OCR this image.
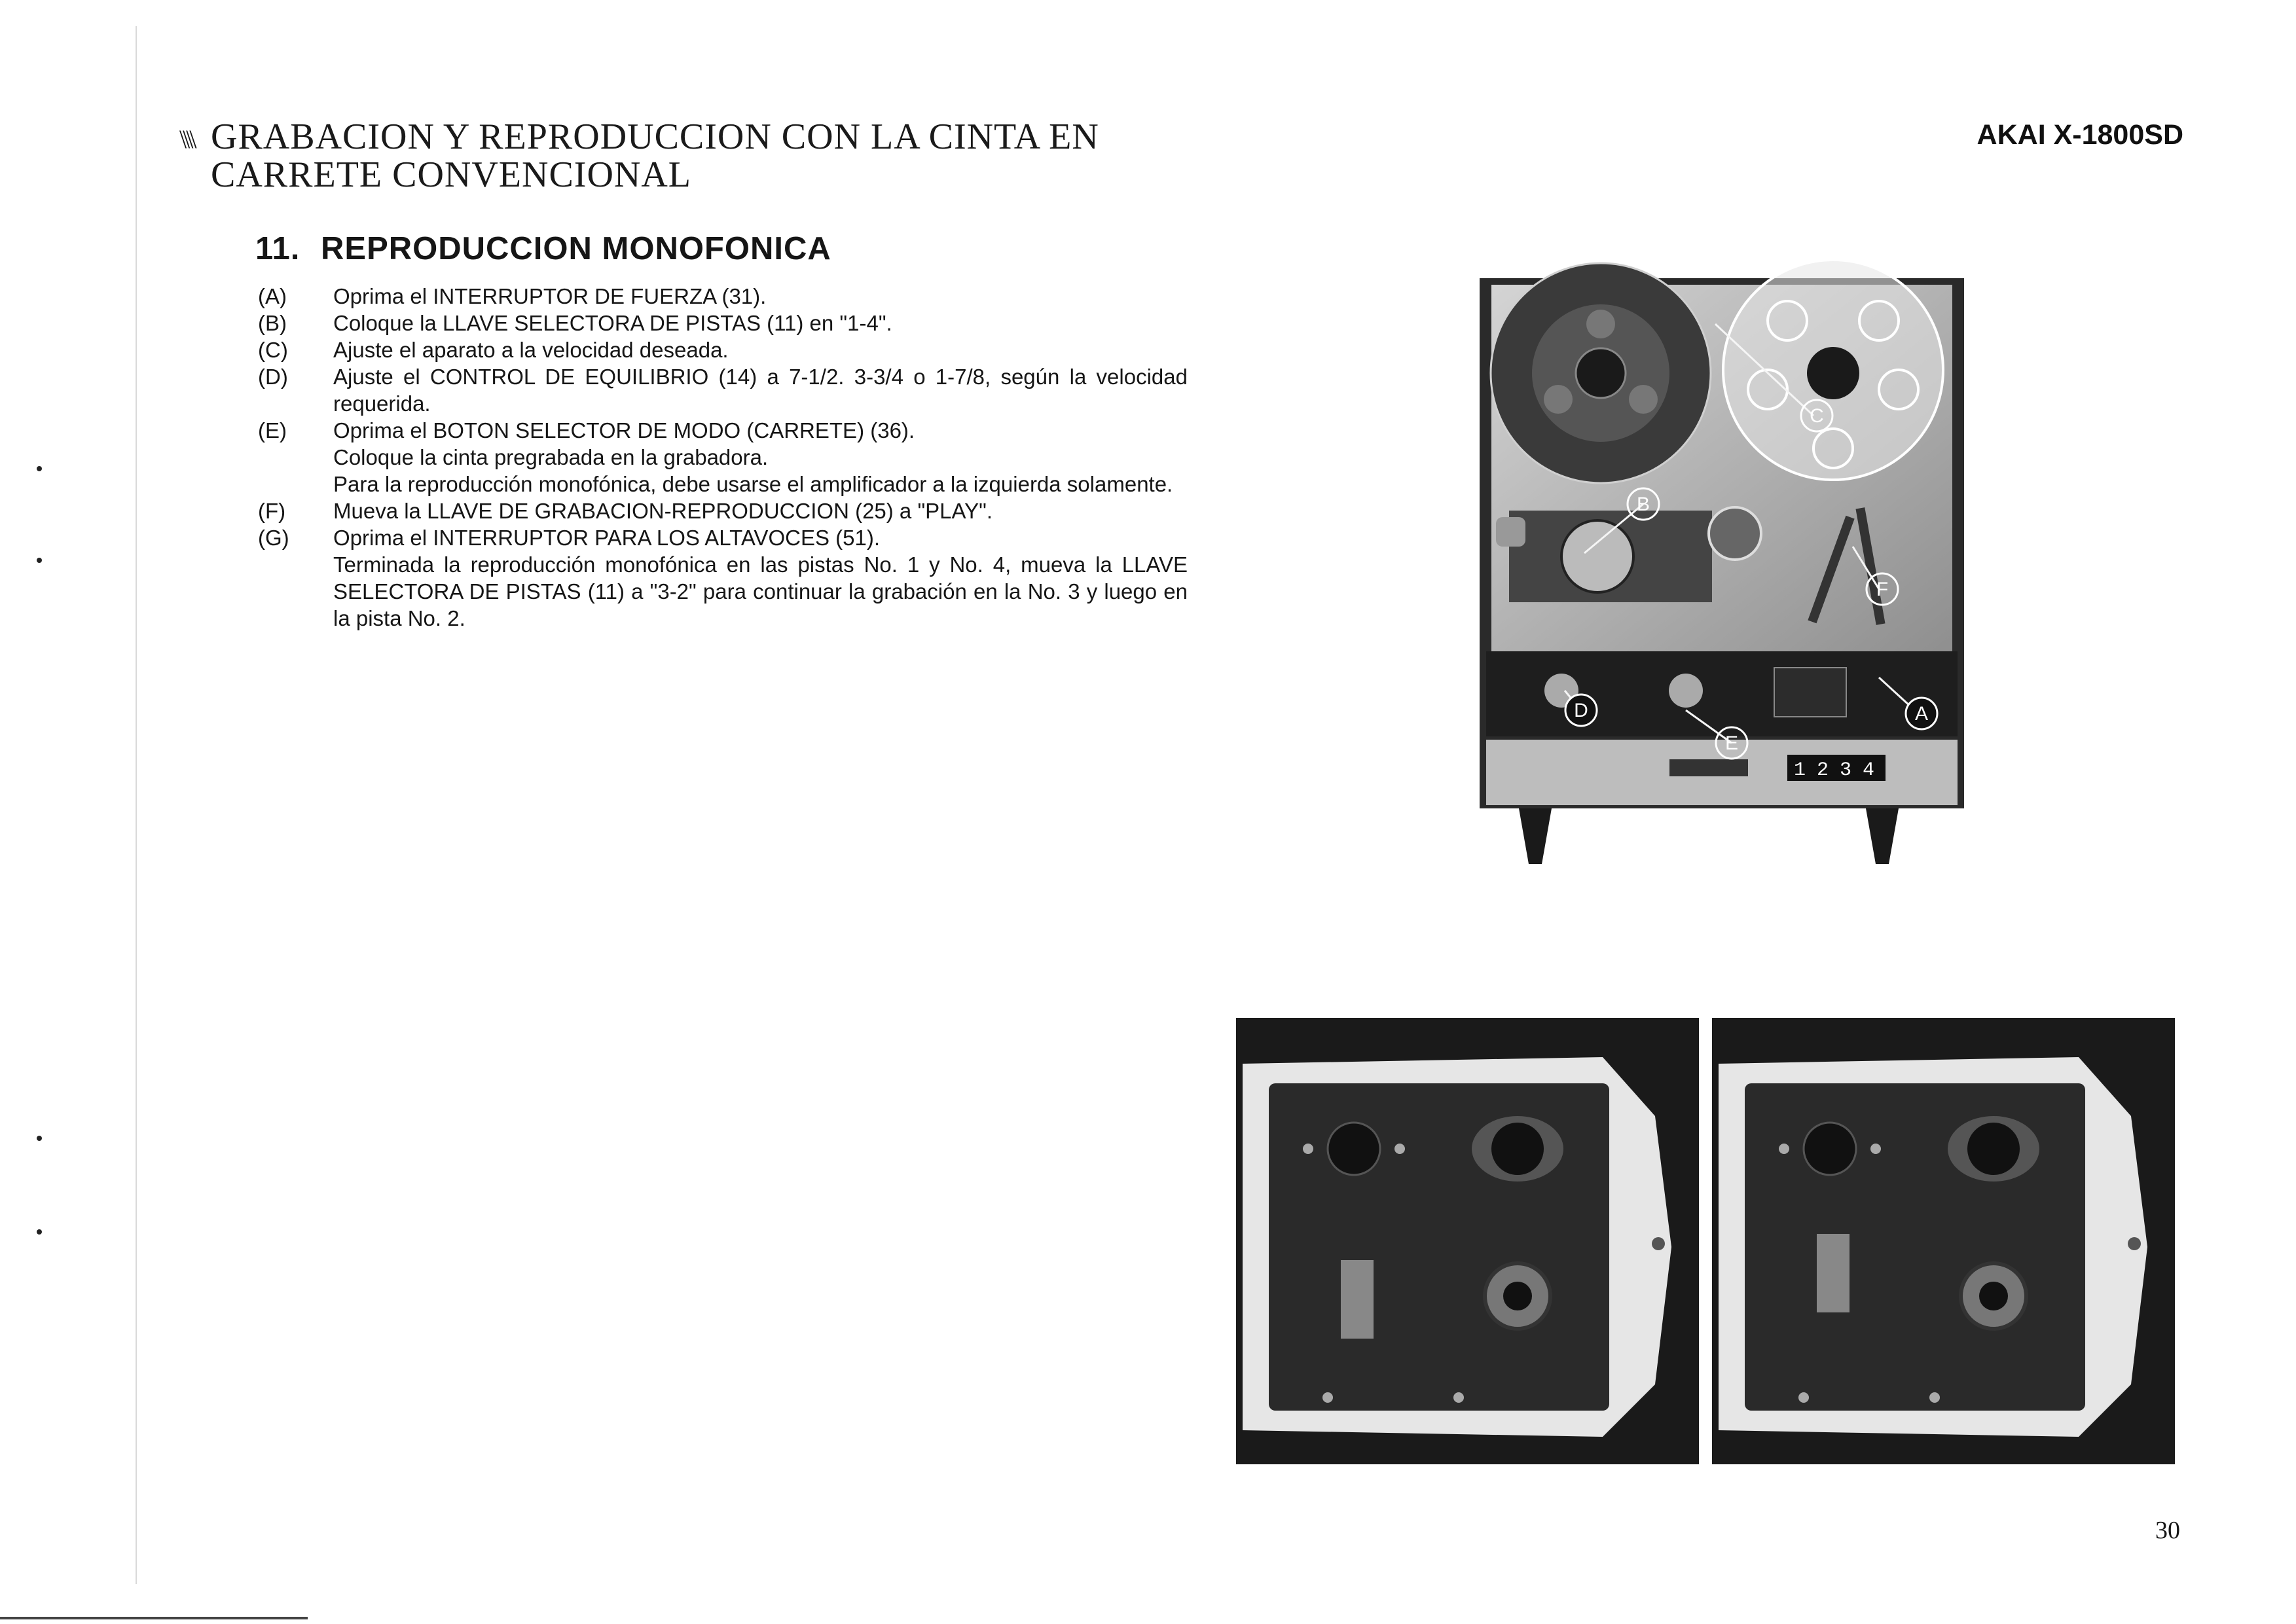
\\\\ GRABACION Y REPRODUCCION CON LA CINTA EN
CARRETE CONVENCIONAL
AKAI X-1800SD
11. REPRODUCCION MONOFONICA
(A)	Oprima el INTERRUPTOR DE FUERZA (31).
(B)	Coloque la LLAVE SELECTORA DE PISTAS (11) en "1-4".
(C)	Ajuste el aparato a la velocidad deseada.
(D)	Ajuste el CONTROL DE EQUILIBRIO (14) a 7-1/2. 3-3/4 o 1-7/8, según la velocidad requerida.
(E)	Oprima el BOTON SELECTOR DE MODO (CARRETE) (36).
Coloque la cinta pregrabada en la grabadora.
Para la reproducción monofónica, debe usarse el amplificador a la izquierda solamente.
(F)	Mueva la LLAVE DE GRABACION-REPRODUCCION (25) a "PLAY".
(G)	Oprima el INTERRUPTOR PARA LOS ALTAVOCES (51).
Terminada la reproducción monofónica en las pistas No. 1 y No. 4, mueva la LLAVE SELECTORA DE PISTAS (11) a "3-2" para continuar la grabación en la No. 3 y luego en la pista No. 2.
1 2 3 4
A
B
C
D
E
F
30
